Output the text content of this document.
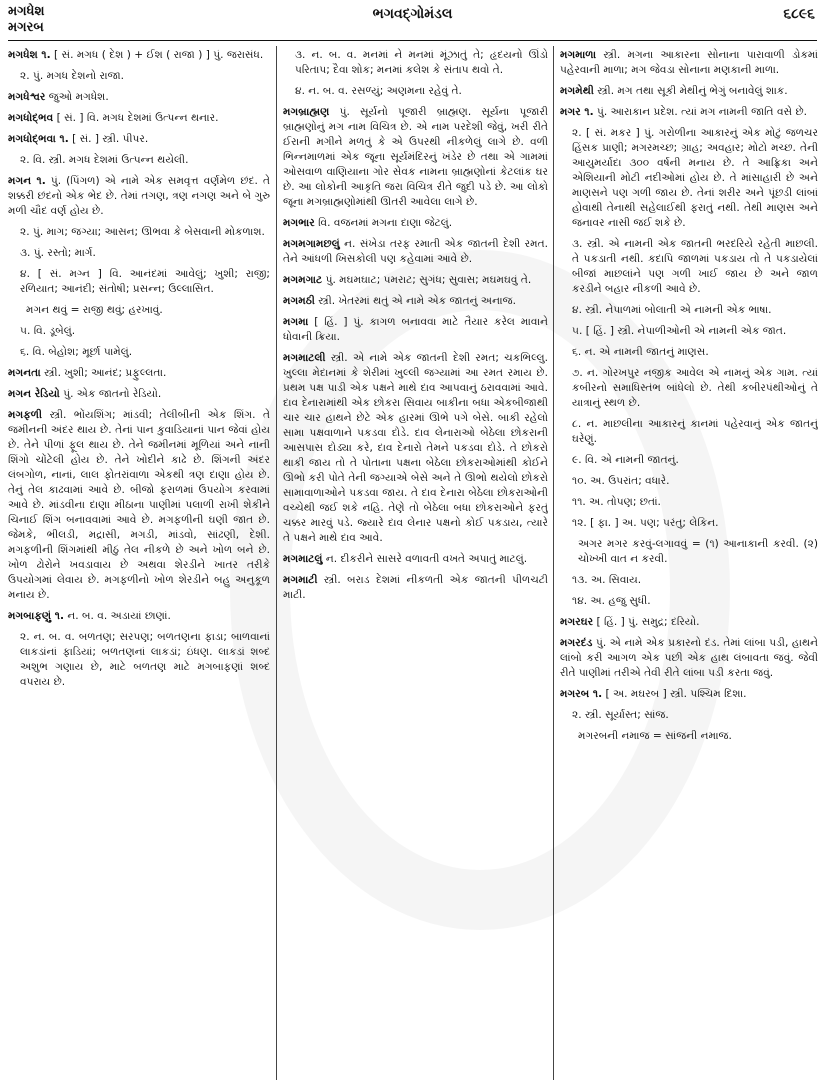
મગધેશ
મગરબ
ભગવદ્ગોમંડલ	૬૮૯૬

મગધેશ ૧. [ સં. મગધ ( દેશ ) + ઈશ ( રાજા ) ] પું. જરાસંધ.

૨. પું. મગધ દેશનો રાજા.

મગધેશ્વર જુઓ મગધેશ.

મગધોદ્ભવ [ સં. ] વિ. મગધ દેશમાં ઉત્પન્ન થનાર.

મગધોદ્ભવા ૧. [ સં. ] સ્ત્રી. પીપર.

૨. વિ. સ્ત્રી. મગધ દેશમાં ઉત્પન્ન થયેલી.

મગન ૧. પું. (પિંગળ) એ નામે એક સમવૃત્ત વર્ણમેળ છંદ. તે શક્કરી છંદનો એક ભેદ છે. તેમાં તગણ, ત્રણ નગણ અને બે ગુરુ મળી ચૌદ વર્ણ હોય છે.

૨. પું. માગ; જગ્યા; આસન; ઊભવા કે બેસવાની મોકળાશ.

૩. પું. રસ્તો; માર્ગ.

૪. [ સં. મગ્ન ] વિ. આનંદમાં આવેલું; ખુશી; રાજી; રળિયાત; આનંદી; સંતોષી; પ્રસન્ન; ઉલ્લાસિત.

મગન થવું = રાજી થવું; હરખાવું.

૫. વિ. ડૂબેલું.

૬. વિ. બેહોશ; મૂર્છા પામેલું.

મગનતા સ્ત્રી. ખુશી; આનંદ; પ્રફુલ્લતા.

મગન રેડિયો પું. એક જાતનો રેડિયો.

મગફળી સ્ત્રી. ભોંયશિંગ; માંડવી; તેલીબીની એક શિંગ. તે જમીનની અંદર થાય છે. તેનાં પાન કુવાડિયાનાં પાન જેવાં હોય છે. તેને પીળાં ફૂલ થાય છે. તેને જમીનમાં મૂળિયાં અને નાની શિંગો ચોંટેલી હોય છે. તેને ખોદીને કાઢે છે. શિંગની અંદર લંબગોળ, નાનાં, લાલ ફોતરાંવાળા એકથી ત્રણ દાણા હોય છે. તેનું તેલ કાઢવામાં આવે છે. બીજો ફરાળમાં ઉપયોગ કરવામાં આવે છે. માંડવીના દાણા મીઠાના પાણીમાં પલાળી રાખી શેકીને ચિનાઈ શિંગ બનાવવામાં આવે છે. મગફળીની ઘણી જાત છે. જેમકે, ભીલડી, મદ્રાસી, મગડી, માંડવો, સાંઢણી, દેશી. મગફળીની શિંગમાંથી મીઠું તેલ નીકળે છે અને ખોળ બને છે. ખોળ ઢોરોને ખવડાવાય છે અથવા શેરડીને ખાતર તરીકે ઉપયોગમાં લેવાય છે. મગફળીનો ખોળ શેરડીને બહુ અનુકૂળ મનાય છે.

મગબાફણું ૧. ન. બ. વ. અડાયાં છાણાં.

૨. ન. બ. વ. બળતણ; સરપણ; બળતણના ફાડા; બાળવાનાં લાકડાંનાં ફાડિયાં; બળતણનાં લાકડાં; ઇંધણ. લાકડાં શબ્દ અશુભ ગણાય છે, માટે બળતણ માટે મગબાફણાં શબ્દ વપરાય છે.

૩. ન. બ. વ. મનમાં ને મનમાં મૂંઝાતું તે; હૃદયનો ઊંડો પરિતાપ; દૈવા શોક; મનમાં કલેશ કે સંતાપ થવો તે.

૪. ન. બ. વ. રસળ્યું; અણમના રહેવું તે.

મગબ્રાહ્મણ પું. સૂર્યનો પૂજારી બ્રાહ્મણ. સૂર્યના પૂજારી બ્રાહ્મણોનું મગ નામ વિચિત્ર છે. એ નામ પરદેશી જેવું, ખરી રીતે ઈરાની મગીને મળતું કે એ ઉપરથી નીકળેલું લાગે છે. વળી ભિન્નમાળમાં એક જૂના સૂર્યમંદિરનું ખંડેર છે તથા એ ગામમાં ઓસવાળ વાણિયાના ગોર સેવક નામના બ્રાહ્મણોનાં કેટલાંક ઘર છે. આ લોકોની આકૃતિ જરા વિચિત્ર રીતે જુદી પડે છે. આ લોકો જૂના મગબ્રાહ્મણોમાંથી ઊતરી આવેલા લાગે છે.

મગભાર વિ. વજનમાં મગના દાણા જેટલું.

મગમગામછલું ન. સંખેડા તરફ રમાતી એક જાતની દેશી રમત. તેને આંધળી ખિસકોલી પણ કહેવામાં આવે છે.

મગમગાટ પું. મઘમઘાટ; પમરાટ; સુગંધ; સુવાસ; મઘમઘવું તે.

મગમઠી સ્ત્રી. ખેતરમાં થતું એ નામે એક જાતનું અનાજ.

મગમા [ હિં. ] પું. કાગળ બનાવવા માટે તૈયાર કરેલ માવાને ધોવાની ક્રિયા.

મગમાટલી સ્ત્રી. એ નામે એક જાતની દેશી રમત; ચકભિલ્લુ. ખુલ્લા મેદાનમાં કે શેરીમાં ખુલ્લી જગ્યામાં આ રમત રમાય છે. પ્રથમ પક્ષ પાડી એક પક્ષને માથે દાવ આપવાનું ઠરાવવામાં આવે. દાવ દેનારામાંથી એક છોકરા સિવાય બાકીના બધા એકબીજાથી ચાર ચાર હાથને છેટે એક હારમાં ઊભે પગે બેસે. બાકી રહેલો સામા પક્ષવાળાને પકડવા દોડે. દાવ લેનારાઓ બેઠેલા છોકરાની આસપાસ દોડ્યા કરે, દાવ દેનારો તેમને પકડવા દોડે. તે છોકરો થાકી જાય તો તે પોતાના પક્ષના બેઠેલા છોકરાઓમાંથી કોઈને ઊભો કરી પોતે તેની જગ્યાએ બેસે અને તે ઊભો થયેલો છોકરો સામાવાળાઓને પકડવા જાય. તે દાવ દેનારા બેઠેલા છોકરાઓની વચ્ચેથી જઈ શકે નહિ. તેણે તો બેઠેલા બધા છોકરાઓને ફરતું ચક્કર મારવું પડે. જ્યારે દાવ લેનાર પક્ષનો કોઈ પકડાય, ત્યારે તે પક્ષને માથે દાવ આવે.

મગમાટલું ન. દીકરીને સાસરે વળાવતી વખતે અપાતું માટલું.

મગમાટી સ્ત્રી. બરાડ દેશમાં નીકળતી એક જાતની પીળચટી માટી.

મગમાળા સ્ત્રી. મગના આકારના સોનાના પારાવાળી ડોકમાં પહેરવાની માળા; મગ જેવડા સોનાના મણકાની માળા.

મગમેથી સ્ત્રી. મગ તથા સૂકી મેથીનું ભેગું બનાવેલું શાક.

મગર ૧. પું. આરાકાન પ્રદેશ. ત્યાં મગ નામની જાતિ વસે છે.

૨. [ સં. મકર ] પું. ગરોળીના આકારનું એક મોટું જળચર હિંસક પ્રાણી; મગરમચ્છ; ગ્રાહ; અવહાર; મોટો મચ્છ. તેની આયુમર્યાદા ૩૦૦ વર્ષની મનાય છે. તે આફ્રિકા અને એશિયાની મોટી નદીઓમાં હોય છે. તે માંસાહારી છે અને માણસને પણ ગળી જાય છે. તેનાં શરીર અને પૂંછડી લાંબાં હોવાથી તેનાથી સહેલાઈથી ફરાતું નથી. તેથી માણસ અને જનાવર નાસી જઈ શકે છે.

૩. સ્ત્રી. એ નામની એક જાતની ભરદરિયે રહેતી માછલી. તે પકડાતી નથી. કદાપિ જાળમાં પકડાય તો તે પકડાયેલાં બીજાં માછલાંને પણ ગળી ખાઈ જાય છે અને જાળ કરડીને બહાર નીકળી આવે છે.

૪. સ્ત્રી. નેપાળમાં બોલાતી એ નામની એક ભાષા.

૫. [ હિં. ] સ્ત્રી. નેપાળીઓની એ નામની એક જાત.

૬. ન. એ નામની જાતનું માણસ.

૭. ન. ગોરખપુર નજીક આવેલ એ નામનું એક ગામ. ત્યાં કબીરનો સમાધિસ્તંભ બાંધેલો છે. તેથી કબીરપંથીઓનું તે યાત્રાનું સ્થળ છે.

૮. ન. માછલીના આકારનું કાનમાં પહેરવાનું એક જાતનું ઘરેણું.

૯. વિ. એ નામની જાતનું.

૧૦. અ. ઉપરાંત; વધારે.

૧૧. અ. તોપણ; છતાં.

૧૨. [ ફા. ] અ. પણ; પરંતુ; લેકિન.

અગર મગર કરવું-લગાવવું = (૧) આનાકાની કરવી. (૨) ચોખ્ખી વાત ન કરવી.

૧૩. અ. સિવાય.

૧૪. અ. હજુ સુધી.

મગરઘર [ હિં. ] પું. સમુદ્ર; દરિયો.

મગરદંડ પું. એ નામે એક પ્રકારનો દંડ. તેમાં લાંબા પડી, હાથને લાંબો કરી આગળ એક પછી એક હાથ લંબાવતા જવું. જેવી રીતે પાણીમાં તરીએ તેવી રીતે લાંબા પડી કરતા જવું.

મગરબ ૧. [ અ. મઘરબ ] સ્ત્રી. પશ્ચિમ દિશા.

૨. સ્ત્રી. સૂર્યાસ્ત; સાંજ.

મગરબની નમાજ = સાંજની નમાજ.
